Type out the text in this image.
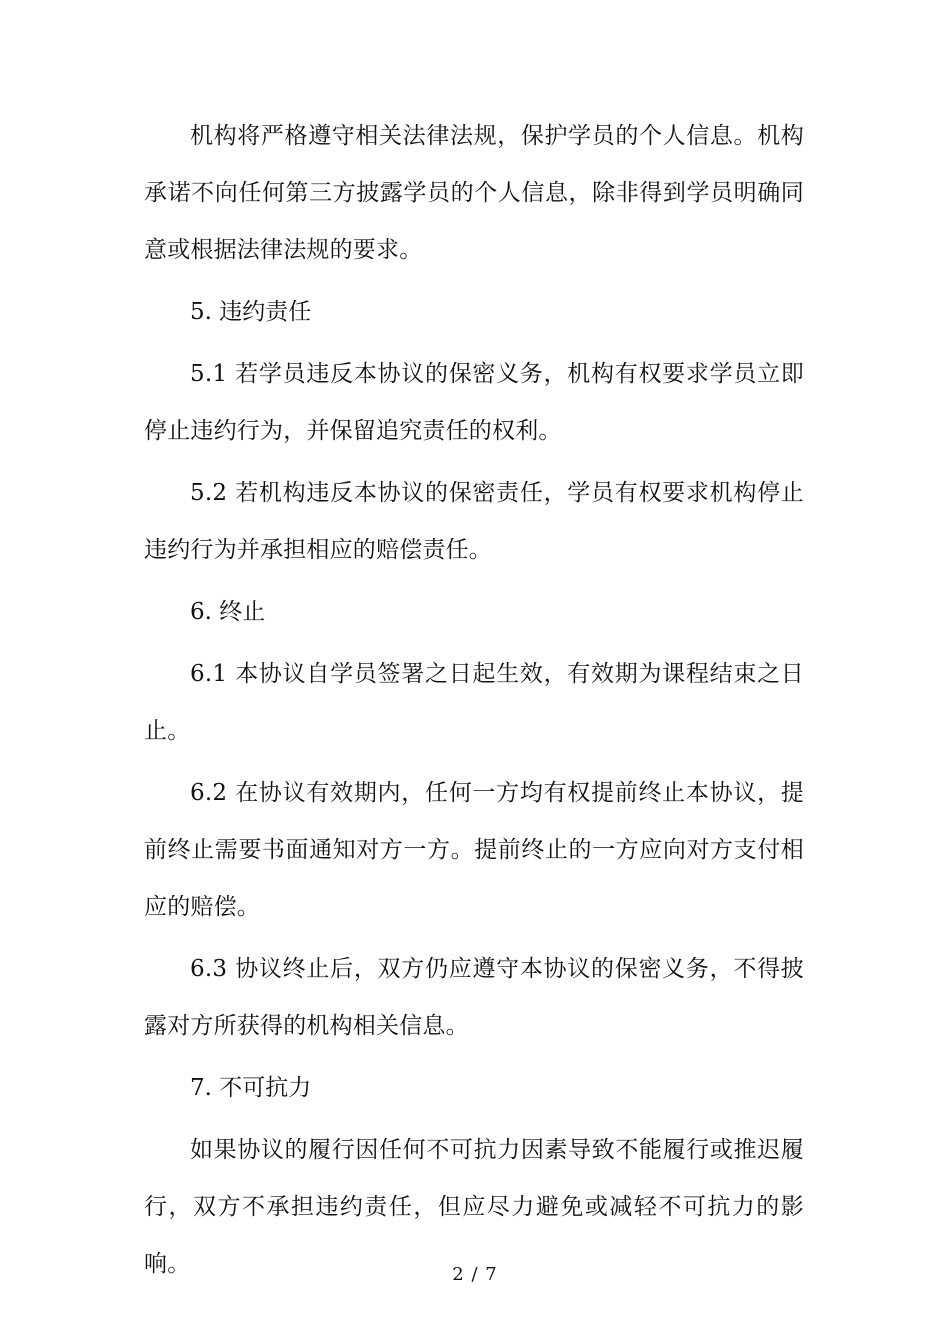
机构将严格遵守相关法律法规，保护学员的个人信息。机构承诺不向任何第三方披露学员的个人信息，除非得到学员明确同意或根据法律法规的要求。

5. 违约责任

5.1 若学员违反本协议的保密义务，机构有权要求学员立即停止违约行为，并保留追究责任的权利。

5.2 若机构违反本协议的保密责任，学员有权要求机构停止违约行为并承担相应的赔偿责任。

6. 终止

6.1 本协议自学员签署之日起生效，有效期为课程结束之日止。

6.2 在协议有效期内，任何一方均有权提前终止本协议，提前终止需要书面通知对方一方。提前终止的一方应向对方支付相应的赔偿。

6.3 协议终止后，双方仍应遵守本协议的保密义务，不得披露对方所获得的机构相关信息。

7. 不可抗力

如果协议的履行因任何不可抗力因素导致不能履行或推迟履行，双方不承担违约责任，但应尽力避免或减轻不可抗力的影响。	2 / 7
